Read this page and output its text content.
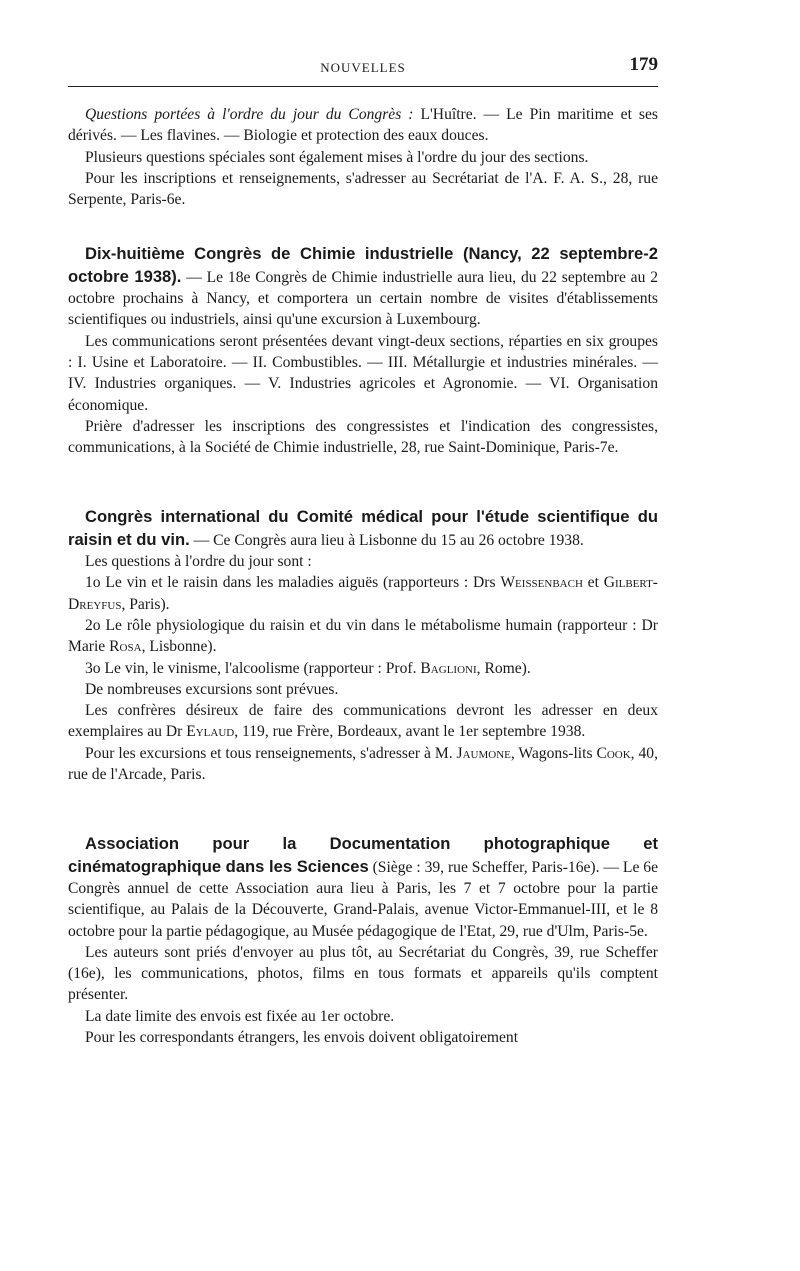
NOUVELLES	179

Questions portées à l'ordre du jour du Congrès : L'Huître. — Le Pin maritime et ses dérivés. — Les flavines. — Biologie et protection des eaux douces.

Plusieurs questions spéciales sont également mises à l'ordre du jour des sections.

Pour les inscriptions et renseignements, s'adresser au Secrétariat de l'A. F. A. S., 28, rue Serpente, Paris-6e.

Dix-huitième Congrès de Chimie industrielle (Nancy, 22 septembre-2 octobre 1938). — Le 18e Congrès de Chimie industrielle aura lieu, du 22 septembre au 2 octobre prochains à Nancy, et comportera un certain nombre de visites d'établissements scientifiques ou industriels, ainsi qu'une excursion à Luxembourg.

Les communications seront présentées devant vingt-deux sections, réparties en six groupes : I. Usine et Laboratoire. — II. Combustibles. — III. Métallurgie et industries minérales. — IV. Industries organiques. — V. Industries agricoles et Agronomie. — VI. Organisation économique.

Prière d'adresser les inscriptions des congressistes et l'indication des congressistes, communications, à la Société de Chimie industrielle, 28, rue Saint-Dominique, Paris-7e.

Congrès international du Comité médical pour l'étude scientifique du raisin et du vin. — Ce Congrès aura lieu à Lisbonne du 15 au 26 octobre 1938.

Les questions à l'ordre du jour sont :

1o Le vin et le raisin dans les maladies aiguës (rapporteurs : Drs Weissenbach et Gilbert-Dreyfus, Paris).

2o Le rôle physiologique du raisin et du vin dans le métabolisme humain (rapporteur : Dr Marie Rosa, Lisbonne).

3o Le vin, le vinisme, l'alcoolisme (rapporteur : Prof. Baglioni, Rome).

De nombreuses excursions sont prévues.

Les confrères désireux de faire des communications devront les adresser en deux exemplaires au Dr Eylaud, 119, rue Frère, Bordeaux, avant le 1er septembre 1938.

Pour les excursions et tous renseignements, s'adresser à M. Jaumone, Wagons-lits Cook, 40, rue de l'Arcade, Paris.

Association pour la Documentation photographique et cinématographique dans les Sciences (Siège : 39, rue Scheffer, Paris-16e). — Le 6e Congrès annuel de cette Association aura lieu à Paris, les 7 et 7 octobre pour la partie scientifique, au Palais de la Découverte, Grand-Palais, avenue Victor-Emmanuel-III, et le 8 octobre pour la partie pédagogique, au Musée pédagogique de l'Etat, 29, rue d'Ulm, Paris-5e.

Les auteurs sont priés d'envoyer au plus tôt, au Secrétariat du Congrès, 39, rue Scheffer (16e), les communications, photos, films en tous formats et appareils qu'ils comptent présenter.

La date limite des envois est fixée au 1er octobre.

Pour les correspondants étrangers, les envois doivent obligatoirement
